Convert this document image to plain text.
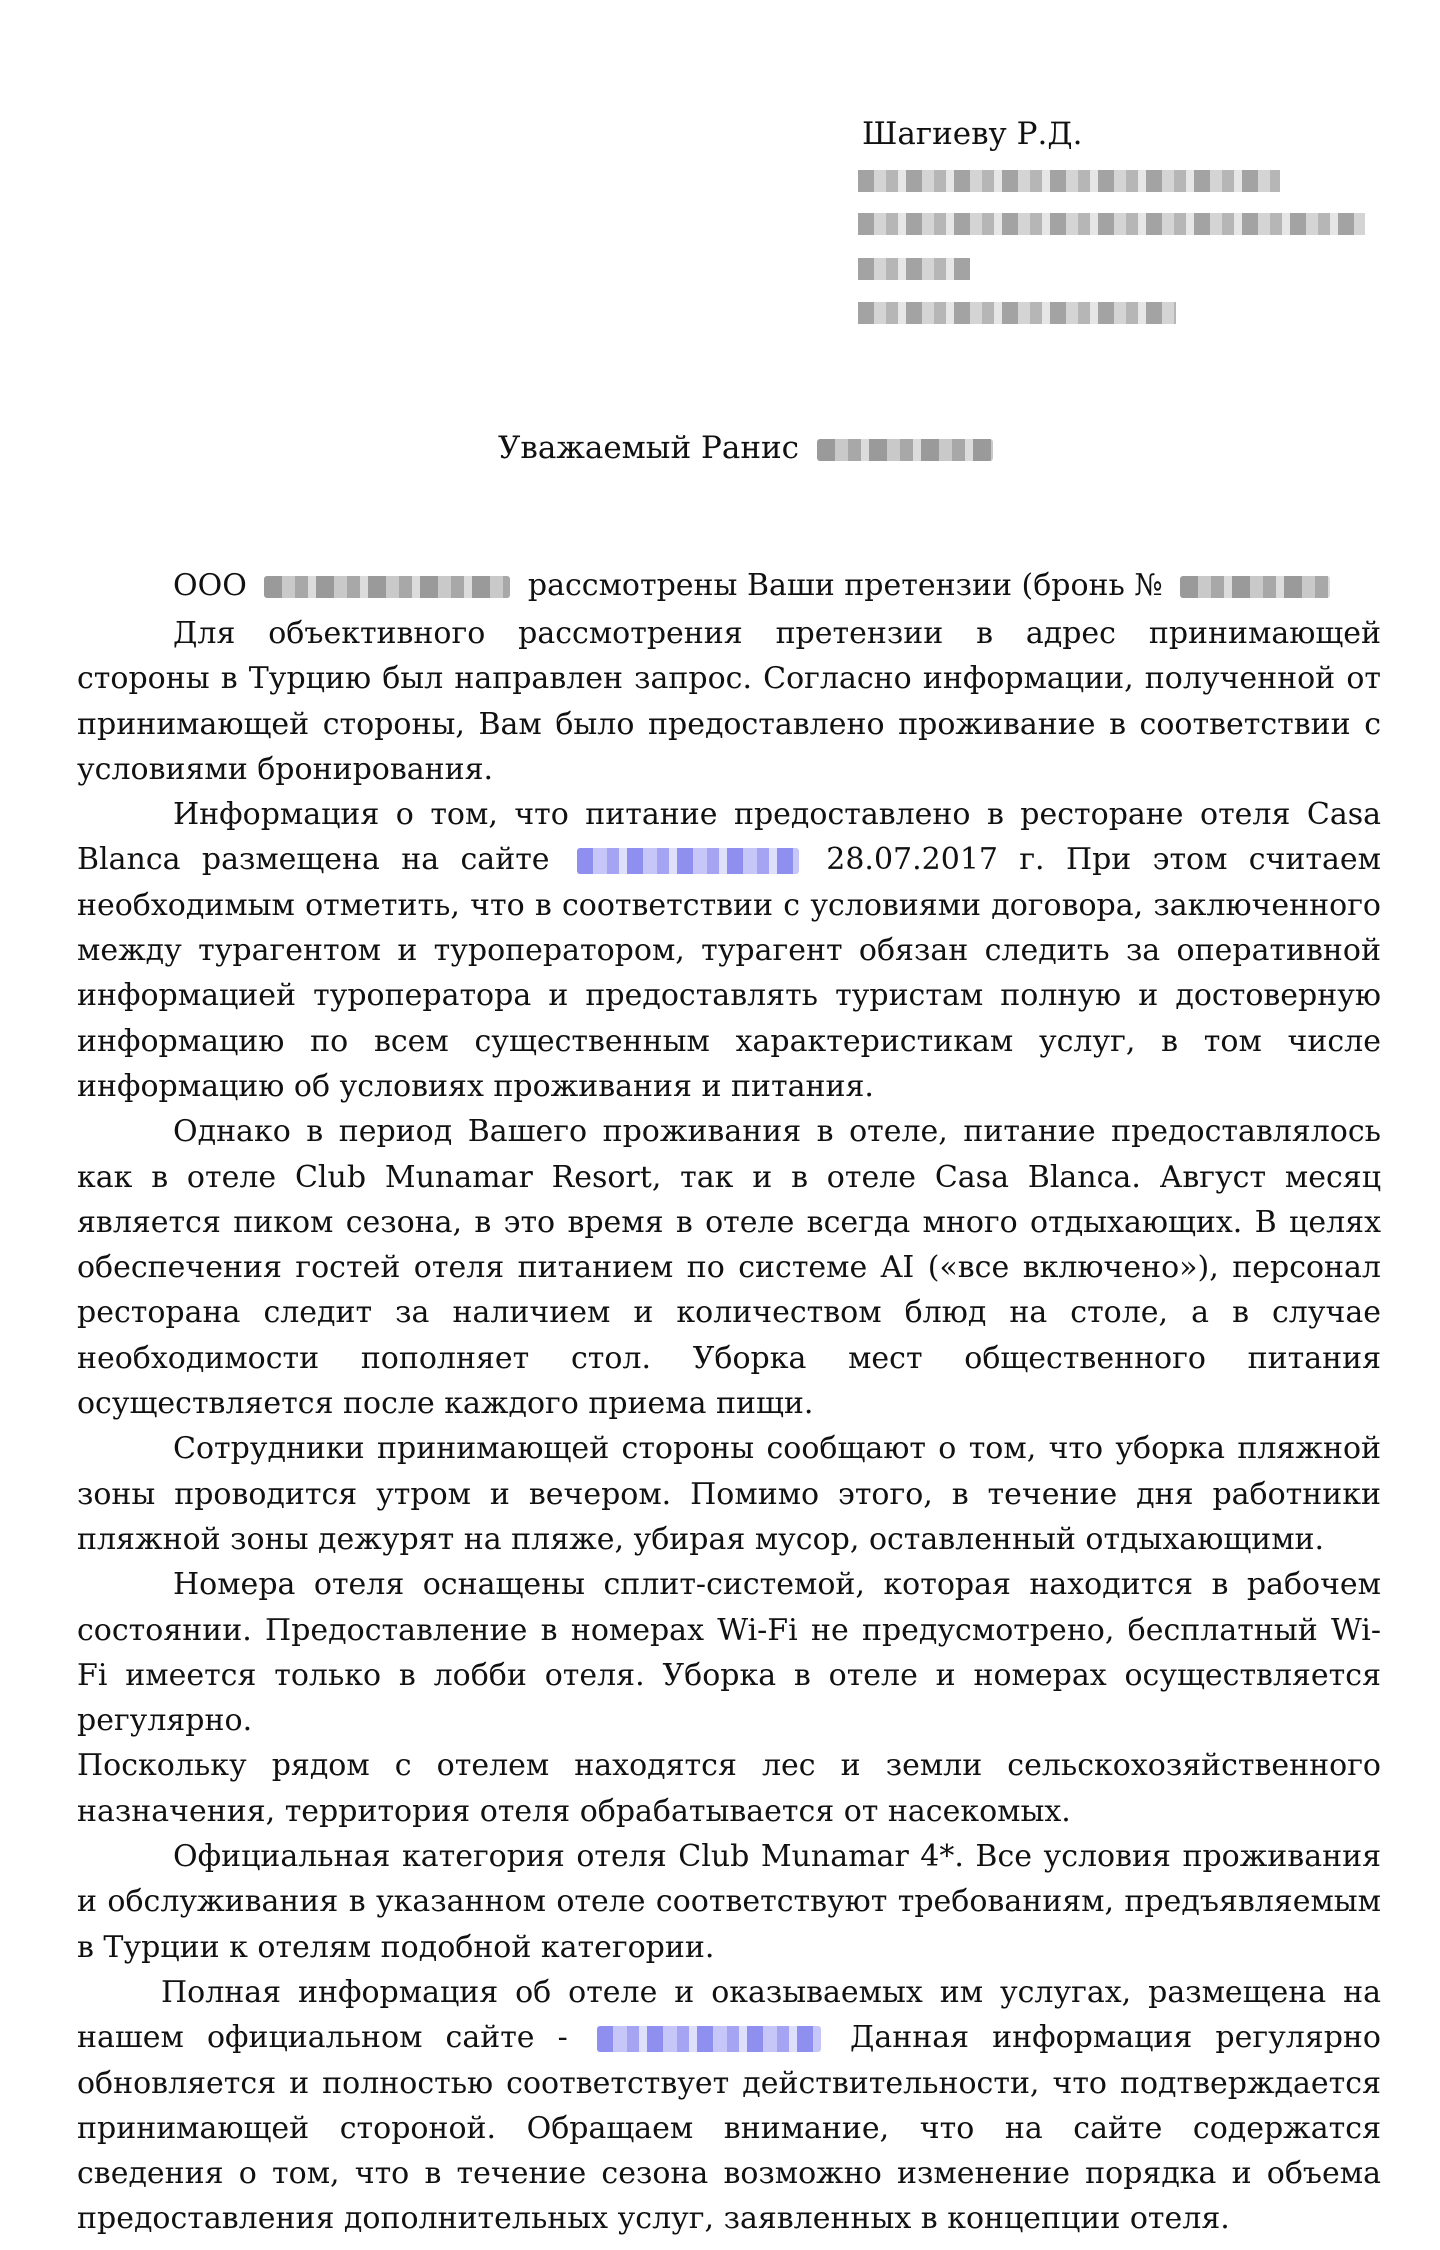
Шагиеву Р.Д.
Уважаемый Ранис
ООО	рассмотрены Ваши претензии (бронь №

Для объективного рассмотрения претензии в адрес принимающей стороны в Турцию был направлен запрос. Согласно информации, полученной от принимающей стороны, Вам было предоставлено проживание в соответствии с условиями бронирования.

Информация о том, что питание предоставлено в ресторане отеля Casa Blanca размещена на сайте	28.07.2017 г. При этом считаем необходимым отметить, что в соответствии с условиями договора, заключенного между турагентом и туроператором, турагент обязан следить за оперативной информацией туроператора и предоставлять туристам полную и достоверную информацию по всем существенным характеристикам услуг, в том числе информацию об условиях проживания и питания.

Однако в период Вашего проживания в отеле, питание предоставлялось как в отеле Club Munamar Resort, так и в отеле Casa Blanca. Август месяц является пиком сезона, в это время в отеле всегда много отдыхающих. В целях обеспечения гостей отеля питанием по системе AI («все включено»), персонал ресторана следит за наличием и количеством блюд на столе, а в случае необходимости пополняет стол. Уборка мест общественного питания осуществляется после каждого приема пищи.

Сотрудники принимающей стороны сообщают о том, что уборка пляжной зоны проводится утром и вечером. Помимо этого, в течение дня работники пляжной зоны дежурят на пляже, убирая мусор, оставленный отдыхающими.

Номера отеля оснащены сплит-системой, которая находится в рабочем состоянии. Предоставление в номерах Wi-Fi не предусмотрено, бесплатный Wi-Fi имеется только в лобби отеля. Уборка в отеле и номерах осуществляется регулярно.

Поскольку рядом с отелем находятся лес и земли сельскохозяйственного назначения, территория отеля обрабатывается от насекомых.

Официальная категория отеля Club Munamar 4*. Все условия проживания и обслуживания в указанном отеле соответствуют требованиям, предъявляемым в Турции к отелям подобной категории.

Полная информация об отеле и оказываемых им услугах, размещена на нашем официальном сайте -	Данная информация регулярно обновляется и полностью соответствует действительности, что подтверждается принимающей стороной. Обращаем внимание, что на сайте содержатся сведения о том, что в течение сезона возможно изменение порядка и объема предоставления дополнительных услуг, заявленных в концепции отеля.
